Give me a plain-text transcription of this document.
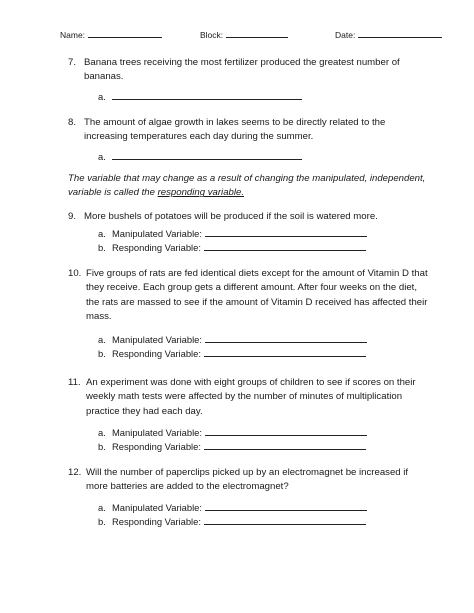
Name:	Block:	Date:
7. Banana trees receiving the most fertilizer produced the greatest number of bananas.
a.
8. The amount of algae growth in lakes seems to be directly related to the increasing temperatures each day during the summer.
a.
The variable that may change as a result of changing the manipulated, independent, variable is called the responding variable.
9. More bushels of potatoes will be produced if the soil is watered more.
a. Manipulated Variable:
b. Responding Variable:
10. Five groups of rats are fed identical diets except for the amount of Vitamin D that they receive. Each group gets a different amount. After four weeks on the diet, the rats are massed to see if the amount of Vitamin D received has affected their mass.
a. Manipulated Variable:
b. Responding Variable:
11. An experiment was done with eight groups of children to see if scores on their weekly math tests were affected by the number of minutes of multiplication practice they had each day.
a. Manipulated Variable:
b. Responding Variable:
12. Will the number of paperclips picked up by an electromagnet be increased if more batteries are added to the electromagnet?
a. Manipulated Variable:
b. Responding Variable:
